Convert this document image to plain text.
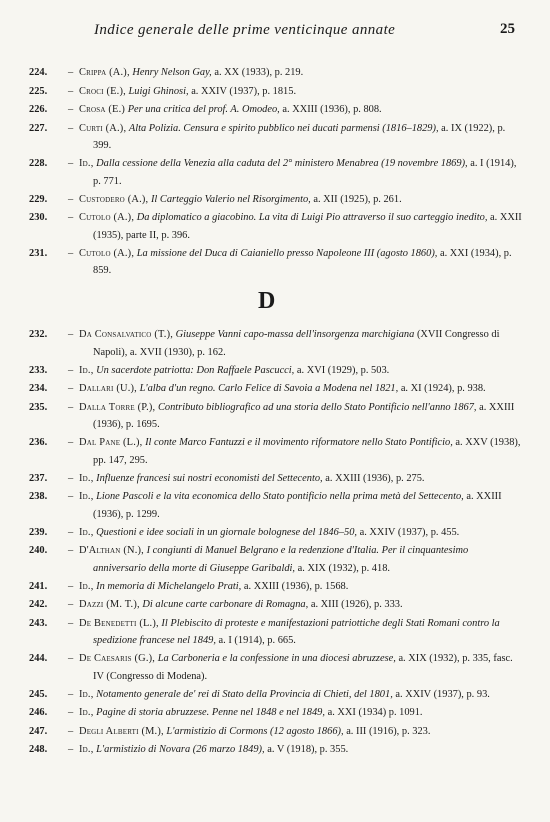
Indice generale delle prime venticinque annate	25
D
224.	– Crippa (A.), Henry Nelson Gay, a. XX (1933), p. 219.
225.	– Croci (E.), Luigi Ghinosi, a. XXIV (1937), p. 1815.
226.	– Crosa (E.) Per una critica del prof. A. Omodeo, a. XXIII (1936), p. 808.
227.	– Curti (A.), Alta Polizia. Censura e spirito pubblico nei ducati parmensi (1816–1829), a. IX (1922), p. 399.
228.	– Id., Dalla cessione della Venezia alla caduta del 2° ministero Menabrea (19 novembre 1869), a. I (1914), p. 771.
229.	– Custodero (A.), Il Carteggio Valerio nel Risorgimento, a. XII (1925), p. 261.
230.	– Cutolo (A.), Da diplomatico a giacobino. La vita di Luigi Pio attraverso il suo carteggio inedito, a. XXII (1935), parte II, p. 396.
231.	– Cutolo (A.), La missione del Duca di Caianiello presso Napoleone III (agosto 1860), a. XXI (1934), p. 859.
232.	– Da Consalvatico (T.), Giuseppe Vanni capo-massa dell'insorgenza marchigiana (XVII Congresso di Napoli), a. XVII (1930), p. 162.
233.	– Id., Un sacerdote patriotta: Don Raffaele Pascucci, a. XVI (1929), p. 503.
234.	– Dallari (U.), L'alba d'un regno. Carlo Felice di Savoia a Modena nel 1821, a. XI (1924), p. 938.
235.	– Dalla Torre (P.), Contributo bibliografico ad una storia dello Stato Pontificio nell'anno 1867, a. XXIII (1936), p. 1695.
236.	– Dal Pane (L.), Il conte Marco Fantuzzi e il movimento riformatore nello Stato Pontificio, a. XXV (1938), pp. 147, 295.
237.	– Id., Influenze francesi sui nostri economisti del Settecento, a. XXIII (1936), p. 275.
238.	– Id., Lione Pascoli e la vita economica dello Stato pontificio nella prima metà del Settecento, a. XXIII (1936), p. 1299.
239.	– Id., Questioni e idee sociali in un giornale bolognese del 1846–50, a. XXIV (1937), p. 455.
240.	– D'Althan (N.), I congiunti di Manuel Belgrano e la redenzione d'Italia. Per il cinquantesimo anniversario della morte di Giuseppe Garibaldi, a. XIX (1932), p. 418.
241.	– Id., In memoria di Michelangelo Prati, a. XXIII (1936), p. 1568.
242.	– Dazzi (M. T.), Di alcune carte carbonare di Romagna, a. XIII (1926), p. 333.
243.	– De Benedetti (L.), Il Plebiscito di proteste e manifestazioni patriottiche degli Stati Romani contro la spedizione francese nel 1849, a. I (1914), p. 665.
244.	– De Caesaris (G.), La Carboneria e la confessione in una diocesi abruzzese, a. XIX (1932), p. 335, fasc. IV (Congresso di Modena).
245.	– Id., Notamento generale de' rei di Stato della Provincia di Chieti, del 1801, a. XXIV (1937), p. 93.
246.	– Id., Pagine di storia abruzzese. Penne nel 1848 e nel 1849, a. XXI (1934) p. 1091.
247.	– Degli Alberti (M.), L'armistizio di Cormons (12 agosto 1866), a. III (1916), p. 323.
248.	– Id., L'armistizio di Novara (26 marzo 1849), a. V (1918), p. 355.
